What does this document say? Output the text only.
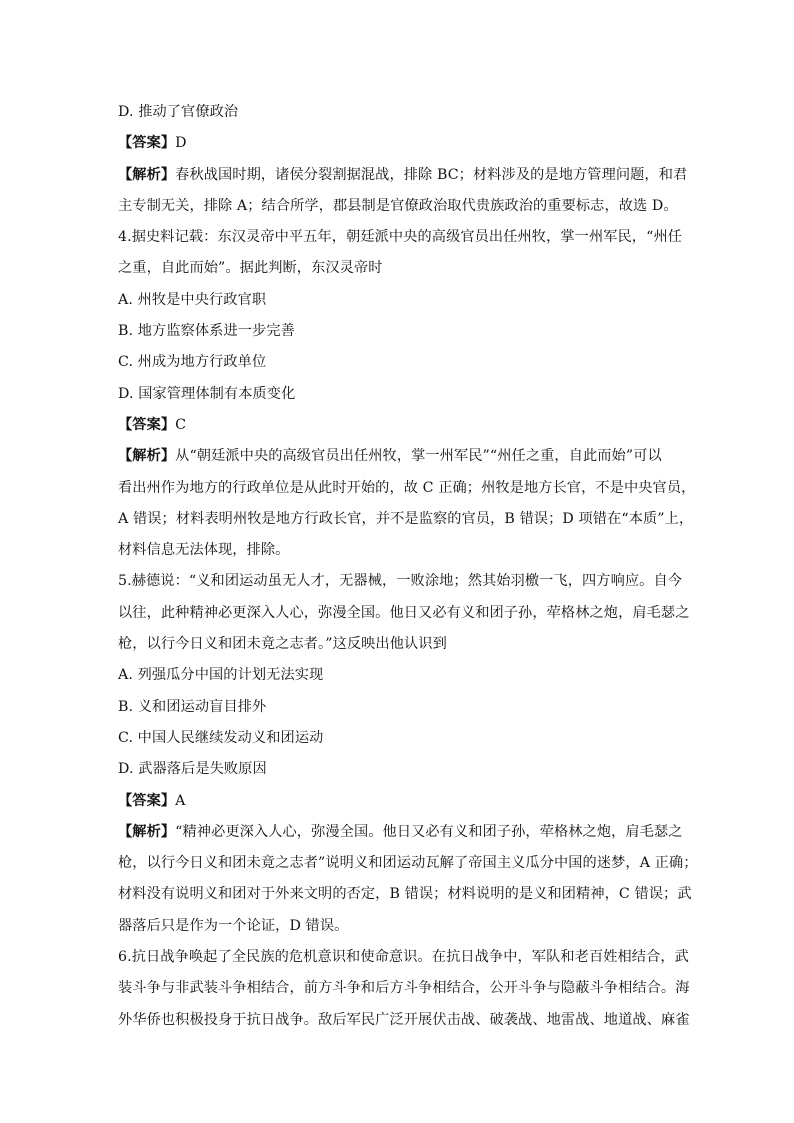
D. 推动了官僚政治
【答案】D
【解析】春秋战国时期，诸侯分裂割据混战，排除 BC；材料涉及的是地方管理问题，和君
主专制无关，排除 A；结合所学，郡县制是官僚政治取代贵族政治的重要标志，故选 D。
4.据史料记载：东汉灵帝中平五年，朝廷派中央的高级官员出任州牧，掌一州军民，“州任
之重，自此而始”。据此判断，东汉灵帝时
A. 州牧是中央行政官职
B. 地方监察体系进一步完善
C. 州成为地方行政单位
D. 国家管理体制有本质变化
【答案】C
【解析】从“朝廷派中央的高级官员出任州牧，掌一州军民”“州任之重，自此而始”可以
看出州作为地方的行政单位是从此时开始的，故 C 正确；州牧是地方长官，不是中央官员，
A 错误；材料表明州牧是地方行政长官，并不是监察的官员，B 错误；D 项错在“本质”上，
材料信息无法体现，排除。
5.赫德说：“义和团运动虽无人才，无器械，一败涂地；然其始羽檄一飞，四方响应。自今
以往，此种精神必更深入人心，弥漫全国。他日又必有义和团子孙，荦格林之炮，肩毛瑟之
枪，以行今日义和团未竟之志者。”这反映出他认识到
A. 列强瓜分中国的计划无法实现
B. 义和团运动盲目排外
C. 中国人民继续发动义和团运动
D. 武器落后是失败原因
【答案】A
【解析】“精神必更深入人心，弥漫全国。他日又必有义和团子孙，荦格林之炮，肩毛瑟之
枪，以行今日义和团未竟之志者”说明义和团运动瓦解了帝国主义瓜分中国的迷梦，A 正确；
材料没有说明义和团对于外来文明的否定，B 错误；材料说明的是义和团精神，C 错误；武
器落后只是作为一个论证，D 错误。
6.抗日战争唤起了全民族的危机意识和使命意识。在抗日战争中，军队和老百姓相结合，武
装斗争与非武装斗争相结合，前方斗争和后方斗争相结合，公开斗争与隐蔽斗争相结合。海
外华侨也积极投身于抗日战争。敌后军民广泛开展伏击战、破袭战、地雷战、地道战、麻雀
